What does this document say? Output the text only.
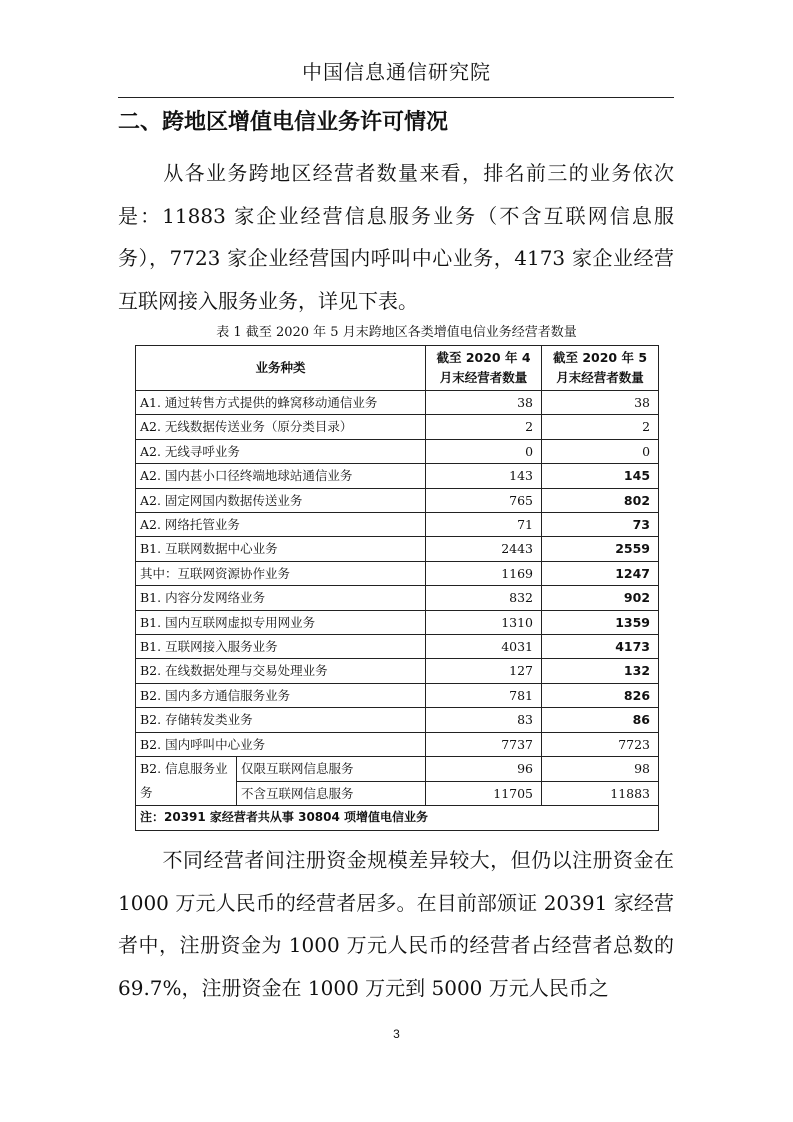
中国信息通信研究院
二、跨地区增值电信业务许可情况
从各业务跨地区经营者数量来看，排名前三的业务依次是：11883 家企业经营信息服务业务（不含互联网信息服务），7723 家企业经营国内呼叫中心业务，4173 家企业经营互联网接入服务业务，详见下表。
表 1 截至 2020 年 5 月末跨地区各类增值电信业务经营者数量
业务种类		截至 2020 年 4 月末经营者数量	截至 2020 年 5 月末经营者数量
A1. 通过转售方式提供的蜂窝移动通信业务		38	38
A2. 无线数据传送业务（原分类目录）		2	2
A2. 无线寻呼业务		0	0
A2. 国内甚小口径终端地球站通信业务		143	145
A2. 固定网国内数据传送业务		765	802
A2. 网络托管业务		71	73
B1. 互联网数据中心业务		2443	2559
其中：互联网资源协作业务		1169	1247
B1. 内容分发网络业务		832	902
B1. 国内互联网虚拟专用网业务		1310	1359
B1. 互联网接入服务业务		4031	4173
B2. 在线数据处理与交易处理业务		127	132
B2. 国内多方通信服务业务		781	826
B2. 存储转发类业务		83	86
B2. 国内呼叫中心业务		7737	7723
B2. 信息服务业务	仅限互联网信息服务	96	98
	不含互联网信息服务	11705	11883
注：20391 家经营者共从事 30804 项增值电信业务			
不同经营者间注册资金规模差异较大，但仍以注册资金在 1000 万元人民币的经营者居多。在目前部颁证 20391 家经营者中，注册资金为 1000 万元人民币的经营者占经营者总数的 69.7%，注册资金在 1000 万元到 5000 万元人民币之
3
